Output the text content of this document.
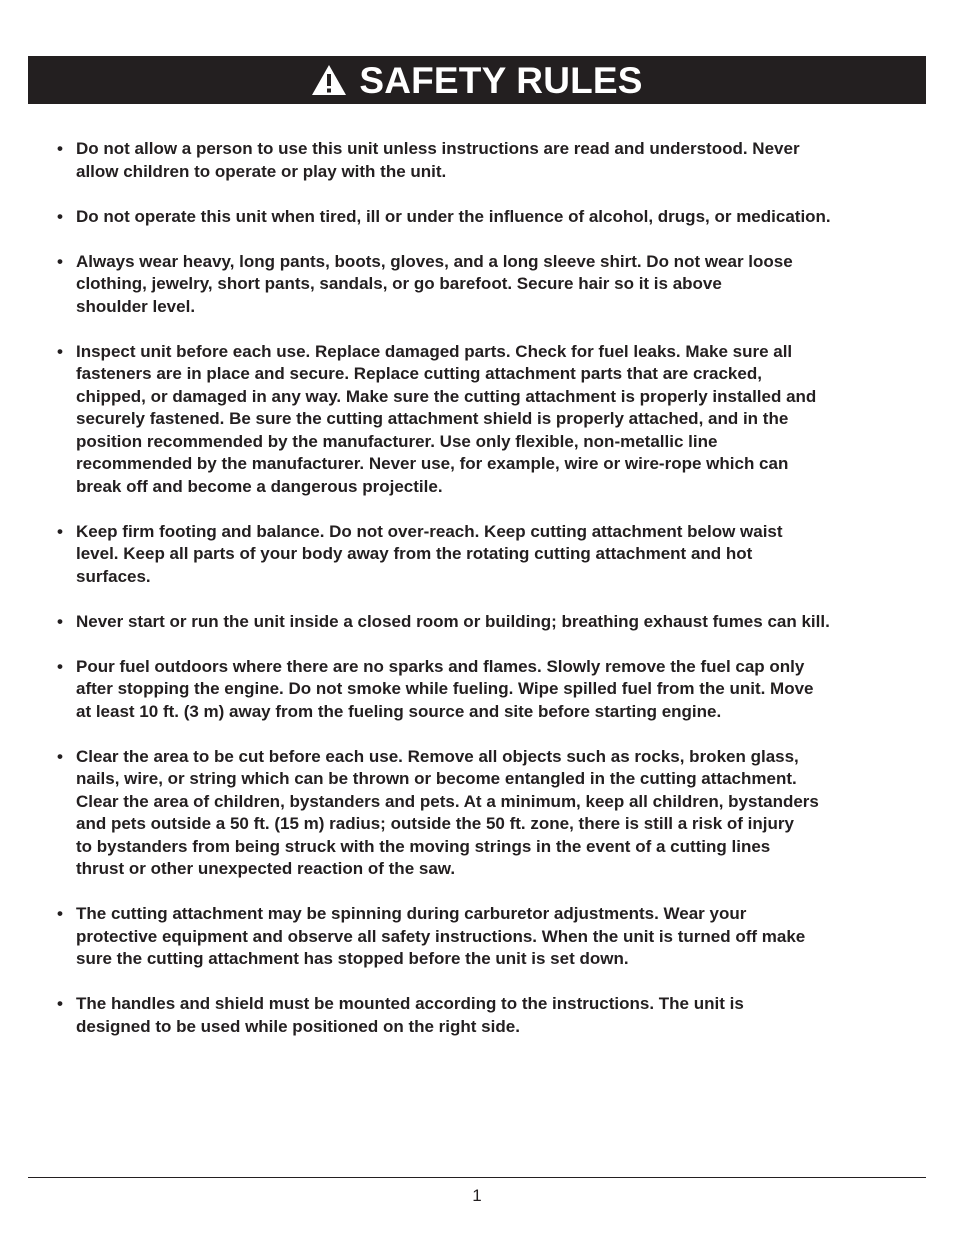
SAFETY RULES
• Do not allow a person to use this unit unless instructions are read and understood. Never
allow children to operate or play with the unit.
• Do not operate this unit when tired, ill or under the influence of alcohol, drugs, or medication.
• Always wear heavy, long pants, boots, gloves, and a long sleeve shirt. Do not wear loose
clothing, jewelry, short pants, sandals, or go barefoot. Secure hair so it is above
shoulder level.
• Inspect unit before each use. Replace damaged parts. Check for fuel leaks. Make sure all
fasteners are in place and secure. Replace cutting attachment parts that are cracked,
chipped, or damaged in any way. Make sure the cutting attachment is properly installed and
securely fastened. Be sure the cutting attachment shield is properly attached, and in the
position recommended by the manufacturer. Use only flexible, non-metallic line
recommended by the manufacturer. Never use, for example, wire or wire-rope which can
break off and become a dangerous projectile.
• Keep firm footing and balance. Do not over-reach. Keep cutting attachment below waist
level. Keep all parts of your body away from the rotating cutting attachment and hot
surfaces.
• Never start or run the unit inside a closed room or building; breathing exhaust fumes can kill.
• Pour fuel outdoors where there are no sparks and flames. Slowly remove the fuel cap only
after stopping the engine. Do not smoke while fueling. Wipe spilled fuel from the unit. Move
at least 10 ft. (3 m) away from the fueling source and site before starting engine.
• Clear the area to be cut before each use. Remove all objects such as rocks, broken glass,
nails, wire, or string which can be thrown or become entangled in the cutting attachment.
Clear the area of children, bystanders and pets. At a minimum, keep all children, bystanders
and pets outside a 50 ft. (15 m) radius; outside the 50 ft. zone, there is still a risk of injury
to bystanders from being struck with the moving strings in the event of a cutting lines
thrust or other unexpected reaction of the saw.
• The cutting attachment may be spinning during carburetor adjustments. Wear your
protective equipment and observe all safety instructions. When the unit is turned off make
sure the cutting attachment has stopped before the unit is set down.
• The handles and shield must be mounted according to the instructions. The unit is
designed to be used while positioned on the right side.
1
